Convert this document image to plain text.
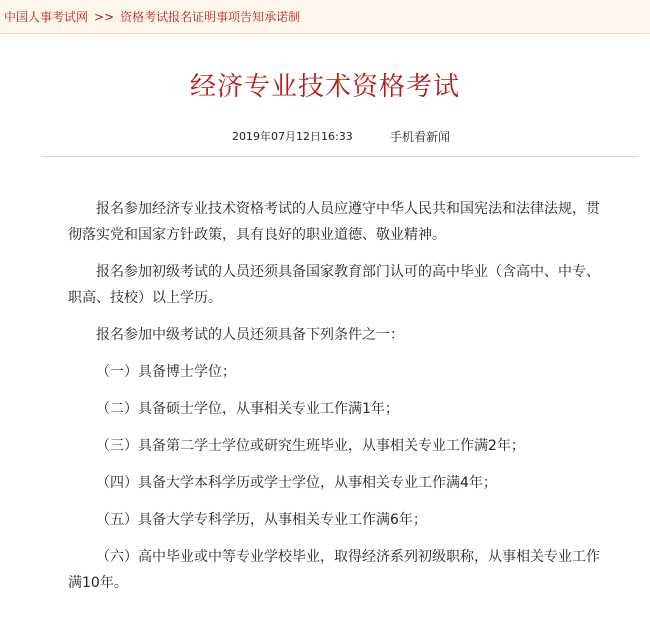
中国人事考试网 >> 资格考试报名证明事项告知承诺制
经济专业技术资格考试
2019年07月12日16:33	手机看新闻

报名参加经济专业技术资格考试的人员应遵守中华人民共和国宪法和法律法规，贯彻落实党和国家方针政策，具有良好的职业道德、敬业精神。

报名参加初级考试的人员还须具备国家教育部门认可的高中毕业（含高中、中专、职高、技校）以上学历。

报名参加中级考试的人员还须具备下列条件之一：

（一）具备博士学位；

（二）具备硕士学位，从事相关专业工作满1年；

（三）具备第二学士学位或研究生班毕业，从事相关专业工作满2年；

（四）具备大学本科学历或学士学位，从事相关专业工作满4年；

（五）具备大学专科学历，从事相关专业工作满6年；

（六）高中毕业或中等专业学校毕业，取得经济系列初级职称，从事相关专业工作满10年。
